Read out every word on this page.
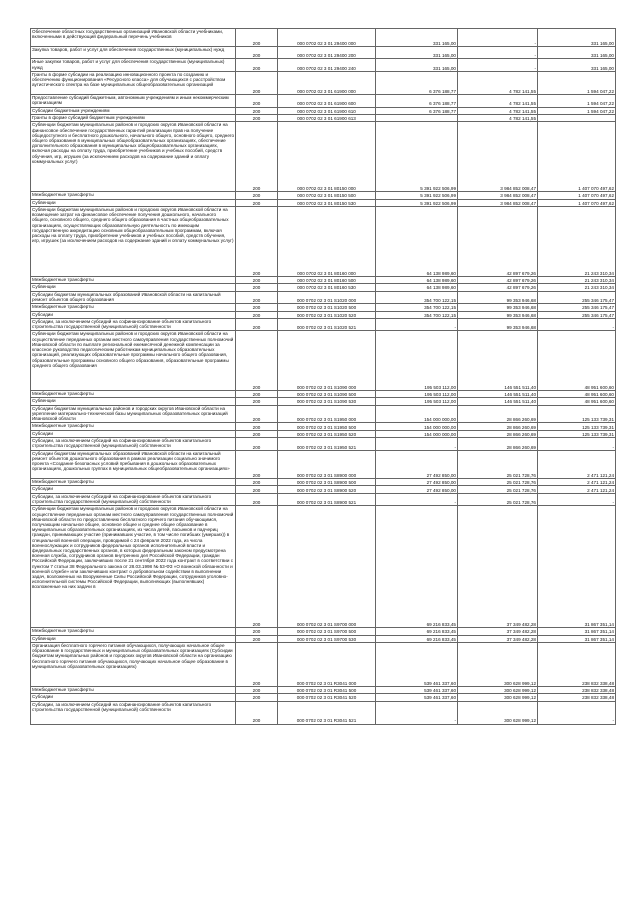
Обеспечение областных государственных организаций Ивановской области учебниками, включенными в действующий федеральный перечень учебников	200	000 0702 02 3 01 29400 000	331 165,00	-	331 165,00
Закупка товаров, работ и услуг для обеспечения государственных (муниципальных) нужд	200	000 0702 02 3 01 29400 200	331 165,00	-	331 165,00
Иные закупки товаров, работ и услуг для обеспечения государственных (муниципальных) нужд	200	000 0702 02 3 01 29400 240	331 165,00	-	331 165,00
Гранты в форме субсидии на реализацию инновационного проекта по созданию и обеспечению функционирования «Ресурсного класса» для обучающихся с расстройством аутистического спектра на базе муниципальных общеобразовательных организаций	200	000 0702 02 3 01 61900 000	6 376 188,77	4 782 141,55	1 594 047,22
Предоставление субсидий бюджетным, автономным учреждениям и иным некоммерческим организациям	200	000 0702 02 3 01 61900 600	6 376 188,77	4 782 141,55	1 594 047,22
Субсидии бюджетным учреждениям	200	000 0702 02 3 01 61900 610	6 376 188,77	4 782 141,55	1 594 047,22
Гранты в форме субсидий бюджетным учреждениям	200	000 0702 02 3 01 61900 613		4 782 141,55	
Субвенции бюджетам муниципальных районов и городских округов Ивановской области на финансовое обеспечение государственных гарантий реализации прав на получение общедоступного и бесплатного дошкольного, начального общего, основного общего, среднего общего образования в муниципальных общеобразовательных организациях, обеспечение дополнительного образования в муниципальных общеобразовательных организациях, включая расходы на оплату труда, приобретение учебников и учебных пособий, средств обучения, игр, игрушек (за исключением расходов на содержание зданий и оплату коммунальных услуг)	200	000 0702 02 3 01 80150 000	5 391 922 506,99	3 984 852 008,47	1 407 070 497,62
Межбюджетные трансферты	200	000 0702 02 3 01 80150 500	5 391 922 506,99	3 984 852 008,47	1 407 070 497,62
Субвенции	200	000 0702 02 3 01 80150 530	5 391 922 506,99	3 984 852 008,47	1 407 070 497,62
Субвенции бюджетам муниципальных районов и городских округов Ивановской области на возмещение затрат на финансовое обеспечение получения дошкольного, начального общего, основного общего, среднего общего образования в частных общеобразовательных организациях, осуществляющих образовательную деятельность по имеющим государственную аккредитацию основным общеобразовательным программам, включая расходы на оплату труда, приобретение учебников и учебных пособий, средств обучения, игр, игрушек (за исключением расходов на содержание зданий и оплату коммунальных услуг)	200	000 0702 02 3 01 80160 000	64 138 989,60	42 897 679,26	21 243 310,34
Межбюджетные трансферты	200	000 0702 02 3 01 80160 500	64 138 989,60	42 897 679,26	21 243 310,34
Субвенции	200	000 0702 02 3 01 80160 530	64 138 989,60	42 897 679,26	21 243 310,34
Субсидии бюджетам муниципальных образований Ивановской области на капитальный ремонт объектов общего образования	200	000 0702 02 3 01 S1020 000	354 700 122,15	99 353 946,68	255 346 175,47
Межбюджетные трансферты	200	000 0702 02 3 01 S1020 500	354 700 122,15	99 353 946,68	255 346 175,47
Субсидии	200	000 0702 02 3 01 S1020 520	354 700 122,15	99 353 946,68	255 346 175,47
Субсидии, за исключением субсидий на софинансирование объектов капитального строительства государственной (муниципальной) собственности	200	000 0702 02 3 01 S1020 521	-	99 353 946,68	-
Субвенции бюджетам муниципальных районов и городских округов Ивановской области на осуществление переданных органам местного самоуправления государственных полномочий Ивановской области по выплате региональной ежемесячной денежной компенсации за классное руководство педагогическим работникам муниципальных образовательных организаций, реализующих образовательные программы начального общего образования, образовательные программы основного общего образования, образовательные программы среднего общего образования	200	000 0702 02 3 01 S1090 000	195 503 112,00	146 551 511,40	48 951 600,60
Межбюджетные трансферты	200	000 0702 02 3 01 S1090 500	195 503 112,00	146 551 511,40	48 951 600,60
Субвенции	200	000 0702 02 3 01 S1090 530	195 503 112,00	146 551 511,40	48 951 600,60
Субсидии бюджетам муниципальных районов и городских округов Ивановской области на укрепление материально-технической базы муниципальных образовательных организаций Ивановской области	200	000 0702 02 3 01 S1950 000	154 000 000,00	28 866 260,69	125 133 739,31
Межбюджетные трансферты	200	000 0702 02 3 01 S1950 500	154 000 000,00	28 866 260,69	125 133 739,31
Субсидии	200	000 0702 02 3 01 S1950 520	154 000 000,00	28 866 260,69	125 133 739,31
Субсидии, за исключением субсидий на софинансирование объектов капитального строительства государственной (муниципальной) собственности	200	000 0702 02 3 01 S1950 521	-	28 866 260,69	-
Субсидии бюджетам муниципальных образований Ивановской области на капитальный ремонт объектов дошкольного образования в рамках реализации социально значимого проекта «Создание безопасных условий пребывания в дошкольных образовательных организациях, дошкольных группах в муниципальных общеобразовательных организациях»	200	000 0702 02 3 01 S8900 000	27 492 850,00	25 021 728,76	2 471 121,24
Межбюджетные трансферты	200	000 0702 02 3 01 S8900 500	27 492 850,00	25 021 728,76	2 471 121,24
Субсидии	200	000 0702 02 3 01 S8900 520	27 492 850,00	25 021 728,76	2 471 121,24
Субсидии, за исключением субсидий на софинансирование объектов капитального строительства государственной (муниципальной) собственности	200	000 0702 02 3 01 S8900 521	-	25 021 728,76	-
Субвенции бюджетам муниципальных районов и городских округов Ивановской области на осуществление переданных органам местного самоуправления государственных полномочий Ивановской области по предоставлению бесплатного горячего питания обучающимся, получающим начальное общее, основное общее и среднее общее образование в муниципальных образовательных организациях, из числа детей, пасынков и падчериц граждан, принимающих участие (принимавших участие, в том числе погибших (умерших)) в специальной военной операции, проводимой с 24 февраля 2022 года, из числа военнослужащих и сотрудников федеральных органов исполнительной власти и федеральных государственных органов, в которых федеральным законом предусмотрена военная служба, сотрудников органов внутренних дел Российской Федерации, граждан Российской Федерации, заключивших после 21 сентября 2022 года контракт в соответствии с пунктом 7 статьи 38 Федерального закона от 28.03.1998 № 53-ФЗ «О воинской обязанности и военной службе» или заключивших контракт о добровольном содействии в выполнении задач, возложенных на Вооруженные Силы Российской Федерации, сотрудников уголовно-исполнительной системы Российской Федерации, выполняющих (выполнявших) возложенные на них задачи в	200	000 0702 02 3 01 S9700 000	69 216 833,45	37 349 482,28	31 867 351,14
Межбюджетные трансферты	200	000 0702 02 3 01 S9700 500	69 216 833,45	37 349 482,28	31 867 351,14
Субвенции	200	000 0702 02 3 01 S9700 530	69 216 833,45	37 349 482,28	31 867 351,14
Организация бесплатного горячего питания обучающихся, получающих начальное общее образование в государственных и муниципальных образовательных организациях (Субсидии бюджетам муниципальных районов и городских округов Ивановской области на организацию бесплатного горячего питания обучающихся, получающих начальное общее образование в муниципальных образовательных организациях)	200	000 0702 02 3 01 R3041 000	539 461 337,60	300 628 999,12	238 832 338,48
Межбюджетные трансферты	200	000 0702 02 3 01 R3041 500	539 461 337,60	300 628 999,12	238 832 338,48
Субсидии	200	000 0702 02 3 01 R3041 520	539 461 337,60	300 628 999,12	238 832 338,48
Субсидии, за исключением субсидий на софинансирование объектов капитального строительства государственной (муниципальной) собственности	200	000 0702 02 3 01 R3041 521	-	300 628 999,12	-
